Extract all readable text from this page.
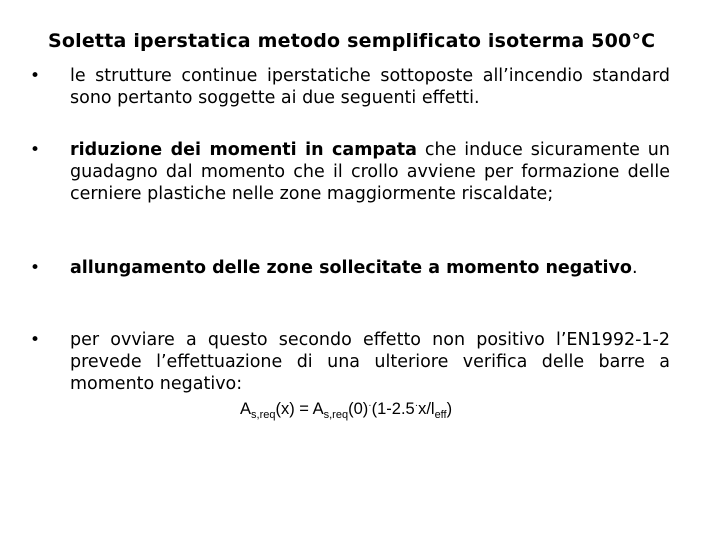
Soletta iperstatica metodo semplificato isoterma 500°C
• le strutture continue iperstatiche sottoposte all’incendio standard sono pertanto soggette ai due seguenti effetti.
• riduzione dei momenti in campata che induce sicuramente un guadagno dal momento che il crollo avviene per formazione delle cerniere plastiche nelle zone maggiormente riscaldate;
• allungamento delle zone sollecitate a momento negativo.
• per ovviare a questo secondo effetto non positivo l’EN1992-1-2 prevede l’effettuazione di una ulteriore verifica delle barre a momento negativo:
$A_{s,req}(x) = A_{s,req}(0)^\cdot(1-2.5^\cdot x/l_{eff})$
